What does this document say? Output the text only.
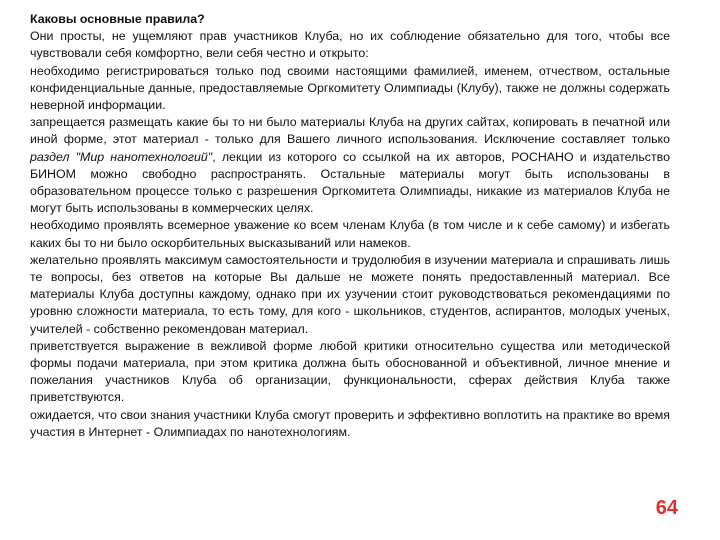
Каковы основные правила?

Они просты, не ущемляют прав участников Клуба, но их соблюдение обязательно для того, чтобы все чувствовали себя комфортно, вели себя честно и открыто:

необходимо регистрироваться только под своими настоящими фамилией, именем, отчеством, остальные конфиденциальные данные, предоставляемые Оргкомитету Олимпиады (Клубу), также не должны содержать неверной информации.

запрещается размещать какие бы то ни было материалы Клуба на других сайтах, копировать в печатной или иной форме, этот материал - только для Вашего личного использования. Исключение составляет только раздел "Мир нанотехнологий", лекции из которого со ссылкой на их авторов, РОСНАНО и издательство БИНОМ можно свободно распространять. Остальные материалы могут быть использованы в образовательном процессе только с разрешения Оргкомитета Олимпиады, никакие из материалов Клуба не могут быть использованы в коммерческих целях.

необходимо проявлять всемерное уважение ко всем членам Клуба (в том числе и к себе самому) и избегать каких бы то ни было оскорбительных высказываний или намеков.

желательно проявлять максимум самостоятельности и трудолюбия в изучении материала и спрашивать лишь те вопросы, без ответов на которые Вы дальше не можете понять предоставленный материал. Все материалы Клуба доступны каждому, однако при их узучении стоит руководствоваться рекомендациями по уровню сложности материала, то есть тому, для кого - школьников, студентов, аспирантов, молодых ученых, учителей - собственно рекомендован материал.

приветствуется выражение в вежливой форме любой критики относительно существа или методической формы подачи материала, при этом критика должна быть обоснованной и объективной, личное мнение и пожелания участников Клуба об организации, функциональности, сферах действия Клуба также приветствуются.

ожидается, что свои знания участники Клуба смогут проверить и эффективно воплотить на практике во время участия в Интернет - Олимпиадах по нанотехнологиям.

64
